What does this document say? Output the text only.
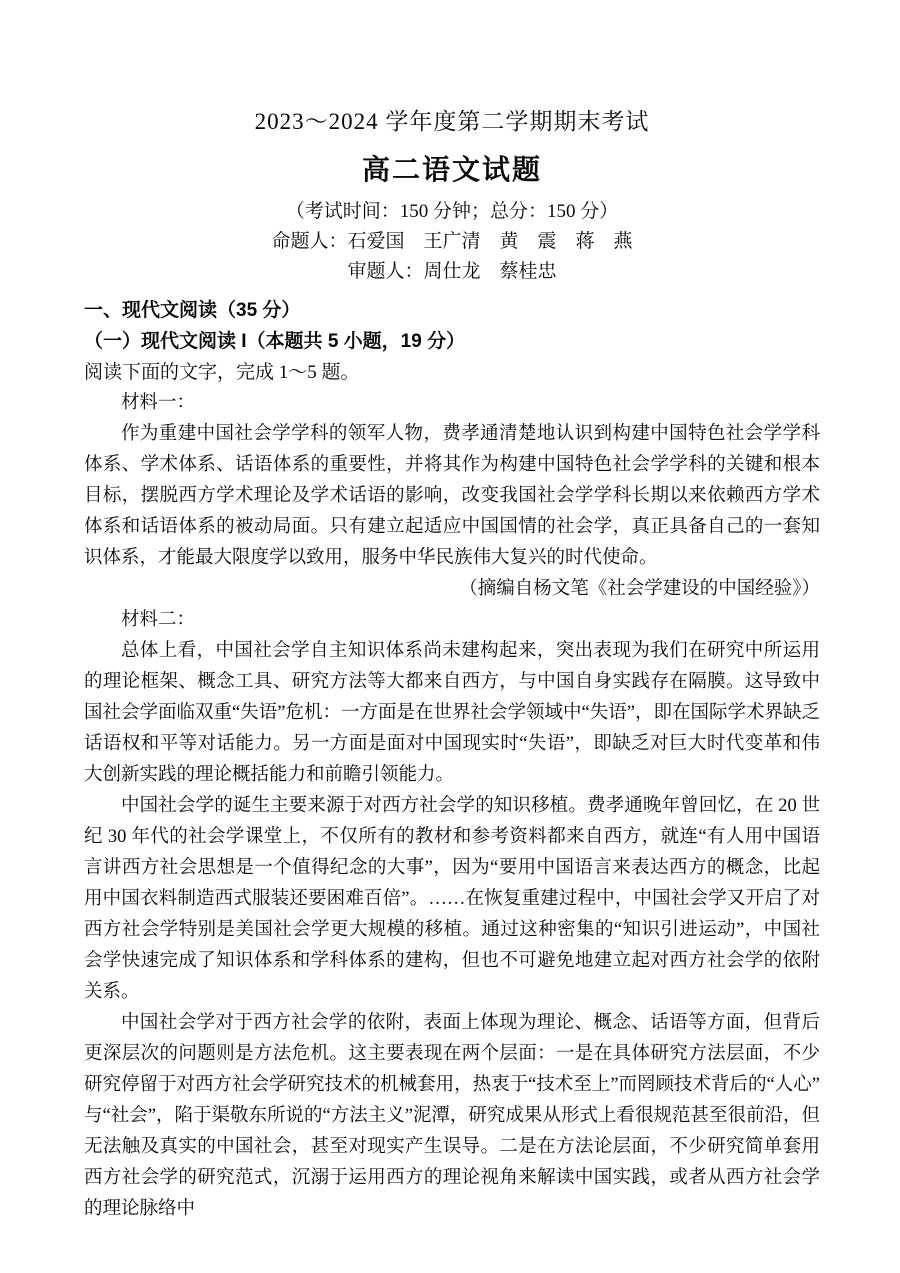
2023～2024 学年度第二学期期末考试
高二语文试题
（考试时间：150 分钟；总分：150 分）
命题人：石爱国　王广清　黄　震　蒋　燕
审题人：周仕龙　蔡桂忠
一、现代文阅读（35 分）
（一）现代文阅读 I（本题共 5 小题，19 分）

阅读下面的文字，完成 1～5 题。

材料一：

作为重建中国社会学学科的领军人物，费孝通清楚地认识到构建中国特色社会学学科体系、学术体系、话语体系的重要性，并将其作为构建中国特色社会学学科的关键和根本目标，摆脱西方学术理论及学术话语的影响，改变我国社会学学科长期以来依赖西方学术体系和话语体系的被动局面。只有建立起适应中国国情的社会学，真正具备自己的一套知识体系，才能最大限度学以致用，服务中华民族伟大复兴的时代使命。

（摘编自杨文笔《社会学建设的中国经验》）

材料二：

总体上看，中国社会学自主知识体系尚未建构起来，突出表现为我们在研究中所运用的理论框架、概念工具、研究方法等大都来自西方，与中国自身实践存在隔膜。这导致中国社会学面临双重“失语”危机：一方面是在世界社会学领域中“失语”，即在国际学术界缺乏话语权和平等对话能力。另一方面是面对中国现实时“失语”，即缺乏对巨大时代变革和伟大创新实践的理论概括能力和前瞻引领能力。

中国社会学的诞生主要来源于对西方社会学的知识移植。费孝通晚年曾回忆，在 20 世纪 30 年代的社会学课堂上，不仅所有的教材和参考资料都来自西方，就连“有人用中国语言讲西方社会思想是一个值得纪念的大事”，因为“要用中国语言来表达西方的概念，比起用中国衣料制造西式服装还要困难百倍”。……在恢复重建过程中，中国社会学又开启了对西方社会学特别是美国社会学更大规模的移植。通过这种密集的“知识引进运动”，中国社会学快速完成了知识体系和学科体系的建构，但也不可避免地建立起对西方社会学的依附关系。

中国社会学对于西方社会学的依附，表面上体现为理论、概念、话语等方面，但背后更深层次的问题则是方法危机。这主要表现在两个层面：一是在具体研究方法层面，不少研究停留于对西方社会学研究技术的机械套用，热衷于“技术至上”而罔顾技术背后的“人心”与“社会”，陷于渠敬东所说的“方法主义”泥潭，研究成果从形式上看很规范甚至很前沿，但无法触及真实的中国社会，甚至对现实产生误导。二是在方法论层面，不少研究简单套用西方社会学的研究范式，沉溺于运用西方的理论视角来解读中国实践，或者从西方社会学的理论脉络中
